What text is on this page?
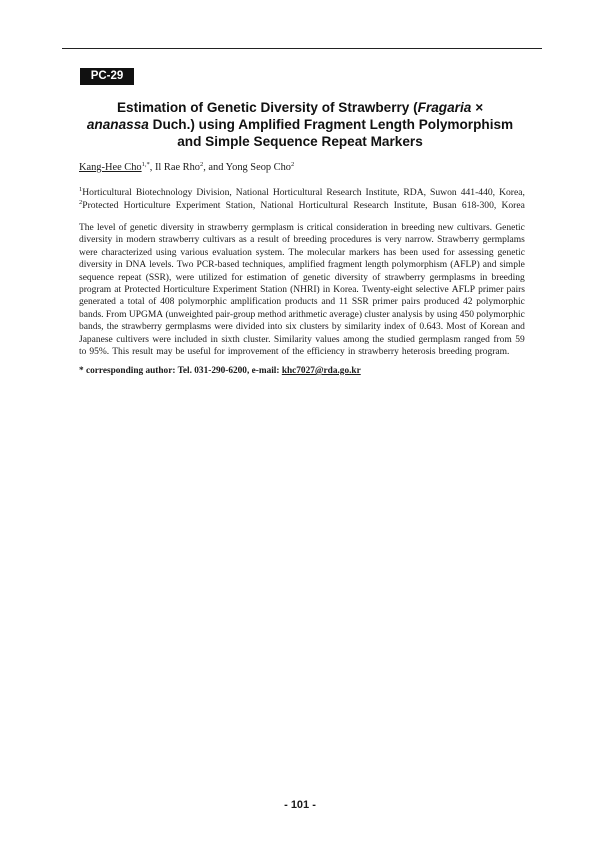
PC-29
Estimation of Genetic Diversity of Strawberry (Fragaria ×
ananassa Duch.) using Amplified Fragment Length Polymorphism
and Simple Sequence Repeat Markers
Kang-Hee Cho$^{1,*}$, Il Rae Rho$^2$, and Yong Seop Cho$^2$
$^1$Horticultural Biotechnology Division, National Horticultural Research Institute, RDA, Suwon 441-440, Korea,
$^2$Protected Horticulture Experiment Station, National Horticultural Research Institute, Busan 618-300, Korea
The level of genetic diversity in strawberry germplasm is critical consideration in breeding new cultivars. Genetic
diversity in modern strawberry cultivars as a result of breeding procedures is very narrow. Strawberry germplams
were characterized using various evaluation system. The molecular markers has been used for assessing genetic
diversity in DNA levels. Two PCR-based techniques, amplified fragment length polymorphism (AFLP) and simple
sequence repeat (SSR), were utilized for estimation of genetic diversity of strawberry germplasms in breeding
program at Protected Horticulture Experiment Station (NHRI) in Korea. Twenty-eight selective AFLP primer pairs
generated a total of 408 polymorphic amplification products and 11 SSR primer pairs produced 42 polymorphic
bands. From UPGMA (unweighted pair-group method arithmetic average) cluster analysis by using 450 polymorphic
bands, the strawberry germplasms were divided into six clusters by similarity index of 0.643. Most of Korean and
Japanese cultivers were included in sixth cluster. Similarity values among the studied germplasm ranged from 59
to 95%. This result may be useful for improvement of the efficiency in strawberry heterosis breeding program.
* corresponding author: Tel. 031-290-6200, e-mail: khc7027@rda.go.kr
- 101 -
